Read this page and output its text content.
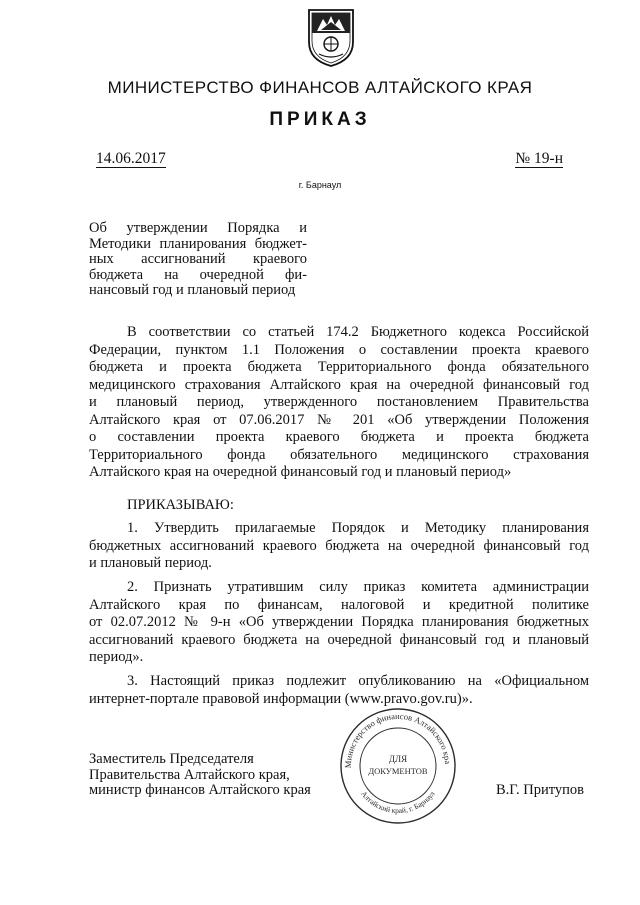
МИНИСТЕРСТВО ФИНАНСОВ АЛТАЙСКОГО КРАЯ
ПРИКАЗ
14.06.2017	№ 19-н
г. Барнаул
Об утверждении Порядка и
Методики планирования бюджет-
ных ассигнований краевого
бюджета на очередной фи-
нансовый год и плановый период
В соответствии со статьей 174.2 Бюджетного кодекса Российской
Федерации, пунктом 1.1 Положения о составлении проекта краевого
бюджета и проекта бюджета Территориального фонда обязательного
медицинского страхования Алтайского края на очередной финансовый год
и плановый период, утвержденного постановлением Правительства
Алтайского края от 07.06.2017 № 201 «Об утверждении Положения
о составлении проекта краевого бюджета и проекта бюджета
Территориального фонда обязательного медицинского страхования
Алтайского края на очередной финансовый год и плановый период»
ПРИКАЗЫВАЮ:
1. Утвердить прилагаемые Порядок и Методику планирования
бюджетных ассигнований краевого бюджета на очередной финансовый год
и плановый период.
2. Признать утратившим силу приказ комитета администрации
Алтайского края по финансам, налоговой и кредитной политике
от 02.07.2012 № 9-н «Об утверждении Порядка планирования бюджетных
ассигнований краевого бюджета на очередной финансовый год и плановый
период».
3. Настоящий приказ подлежит опубликованию на «Официальном
интернет-портале правовой информации (www.pravo.gov.ru)».
Заместитель Председателя
Правительства Алтайского края,
министр финансов Алтайского края	В.Г. Притупов
Министерство финансов Алтайского кра
Алтайский край, г. Барнаул
ДЛЯ
ДОКУМЕНТОВ
